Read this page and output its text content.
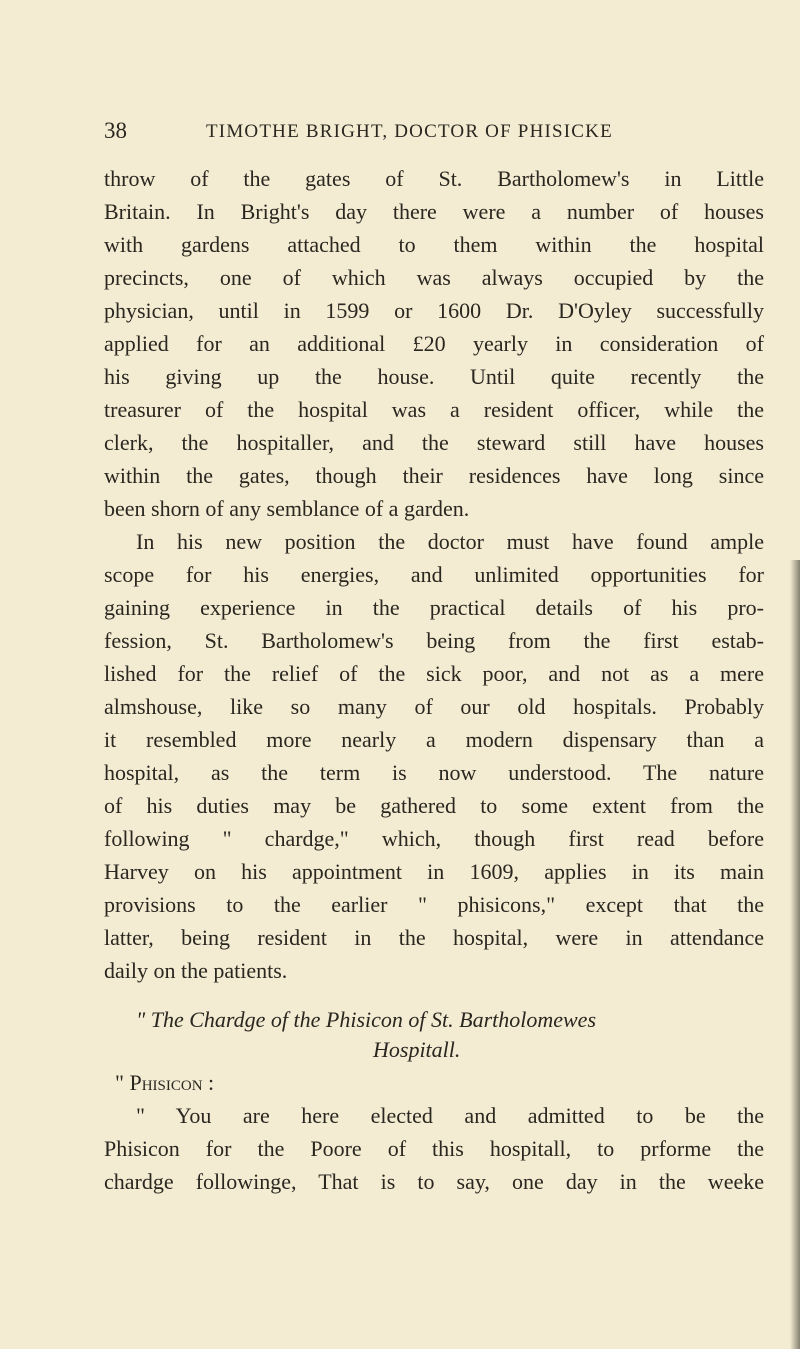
38	TIMOTHE BRIGHT, DOCTOR OF PHISICKE
throw of the gates of St. Bartholomew's in Little
Britain. In Bright's day there were a number of houses
with gardens attached to them within the hospital
precincts, one of which was always occupied by the
physician, until in 1599 or 1600 Dr. D'Oyley successfully
applied for an additional £20 yearly in consideration of
his giving up the house. Until quite recently the
treasurer of the hospital was a resident officer, while the
clerk, the hospitaller, and the steward still have houses
within the gates, though their residences have long since
been shorn of any semblance of a garden.
In his new position the doctor must have found ample
scope for his energies, and unlimited opportunities for
gaining experience in the practical details of his pro-
fession, St. Bartholomew's being from the first estab-
lished for the relief of the sick poor, and not as a mere
almshouse, like so many of our old hospitals. Probably
it resembled more nearly a modern dispensary than a
hospital, as the term is now understood. The nature
of his duties may be gathered to some extent from the
following " chardge," which, though first read before
Harvey on his appointment in 1609, applies in its main
provisions to the earlier " phisicons," except that the
latter, being resident in the hospital, were in attendance
daily on the patients.
" The Chardge of the Phisicon of St. Bartholomewes
Hospitall.
" Phisicon :
" You are here elected and admitted to be the
Phisicon for the Poore of this hospitall, to prforme the
chardge followinge, That is to say, one day in the weeke
